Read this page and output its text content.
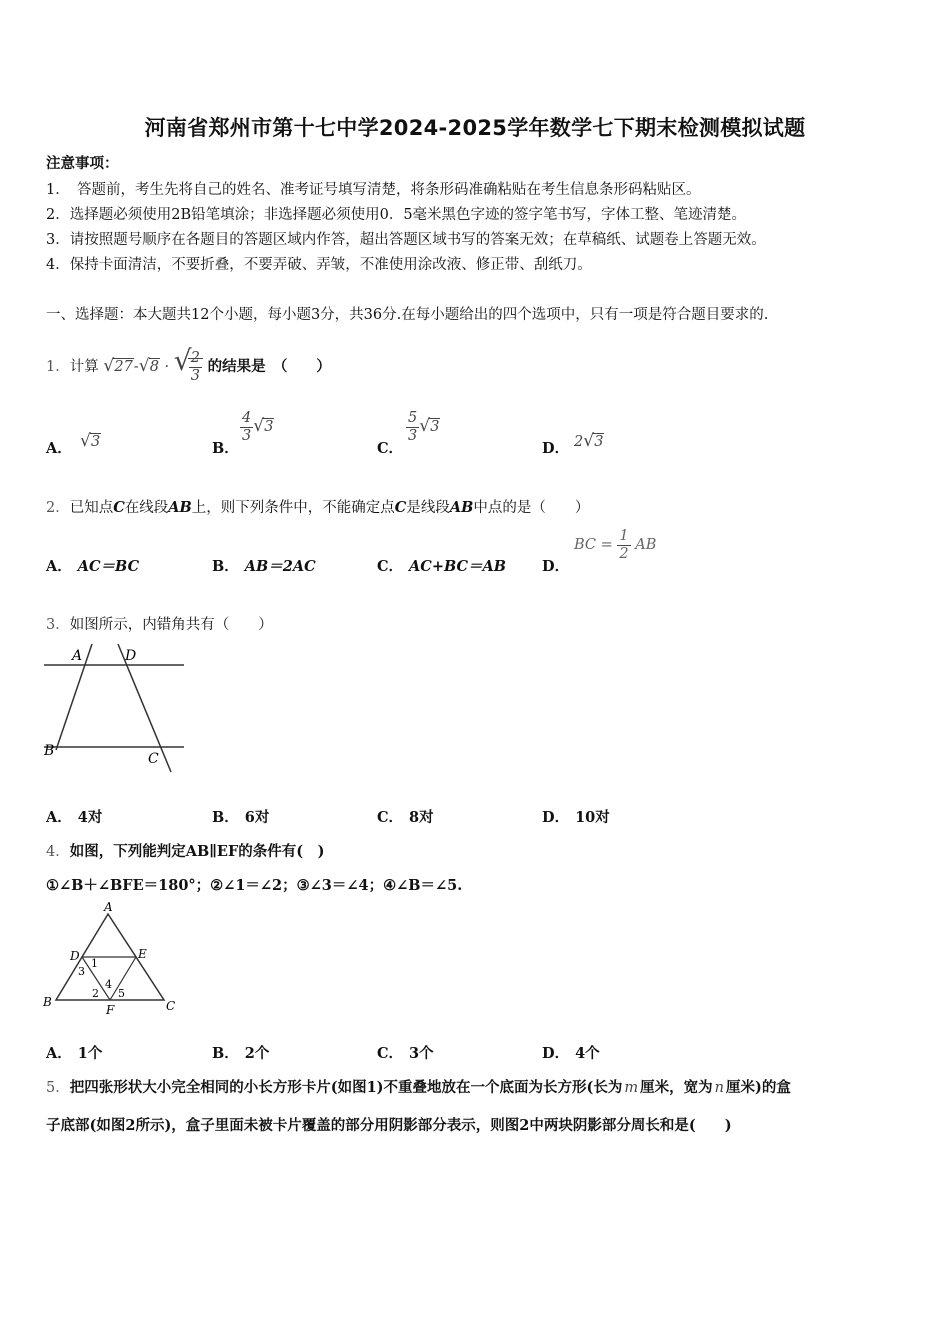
河南省郑州市第十七中学2024-2025学年数学七下期末检测模拟试题
注意事项：
1．　答题前，考生先将自己的姓名、准考证号填写清楚，将条形码准确粘贴在考生信息条形码粘贴区。
2．选择题必须使用2B铅笔填涂；非选择题必须使用0．5毫米黑色字迹的签字笔书写，字体工整、笔迹清楚。
3．请按照题号顺序在各题目的答题区域内作答，超出答题区域书写的答案无效；在草稿纸、试题卷上答题无效。
4．保持卡面清洁，不要折叠，不要弄破、弄皱，不准使用涂改液、修正带、刮纸刀。
一、选择题：本大题共12个小题，每小题3分，共36分.在每小题给出的四个选项中，只有一项是符合题目要求的.
1．计算 √ 27- √ 8 · √
$\frac{2}{3}$ 的结果是　（　　）
A． √ 3	B．
$\frac{4}{3}$ √ 3
C．
$\frac{5}{3}$ √ 3
D． 2 √ 3
2．已知点C在线段AB上，则下列条件中，不能确定点C是线段AB中点的是（　　）
A． AC＝BC	B． AB＝2AC	C． AC+BC＝AB D．
BC = $\frac{1}{2}$ AB
3．如图所示，内错角共有（　　）
A	D
B	C
A． 4对	B． 6对	C． 8对	D． 10对
4．如图，下列能判定AB∥EF的条件有(　)
①∠B＋∠BFE＝180°；②∠1＝∠2；③∠3＝∠4；④∠B＝∠5.
A
B	C
D	E
F
1
3
2
4
5
A． 1个	B． 2个	C． 3个	D． 4个
5．把四张形状大小完全相同的小长方形卡片(如图1)不重叠地放在一个底面为长方形(长为 m 厘米，宽为 n 厘米)的盒
子底部(如图2所示)，盒子里面未被卡片覆盖的部分用阴影部分表示，则图2中两块阴影部分周长和是(　　)
